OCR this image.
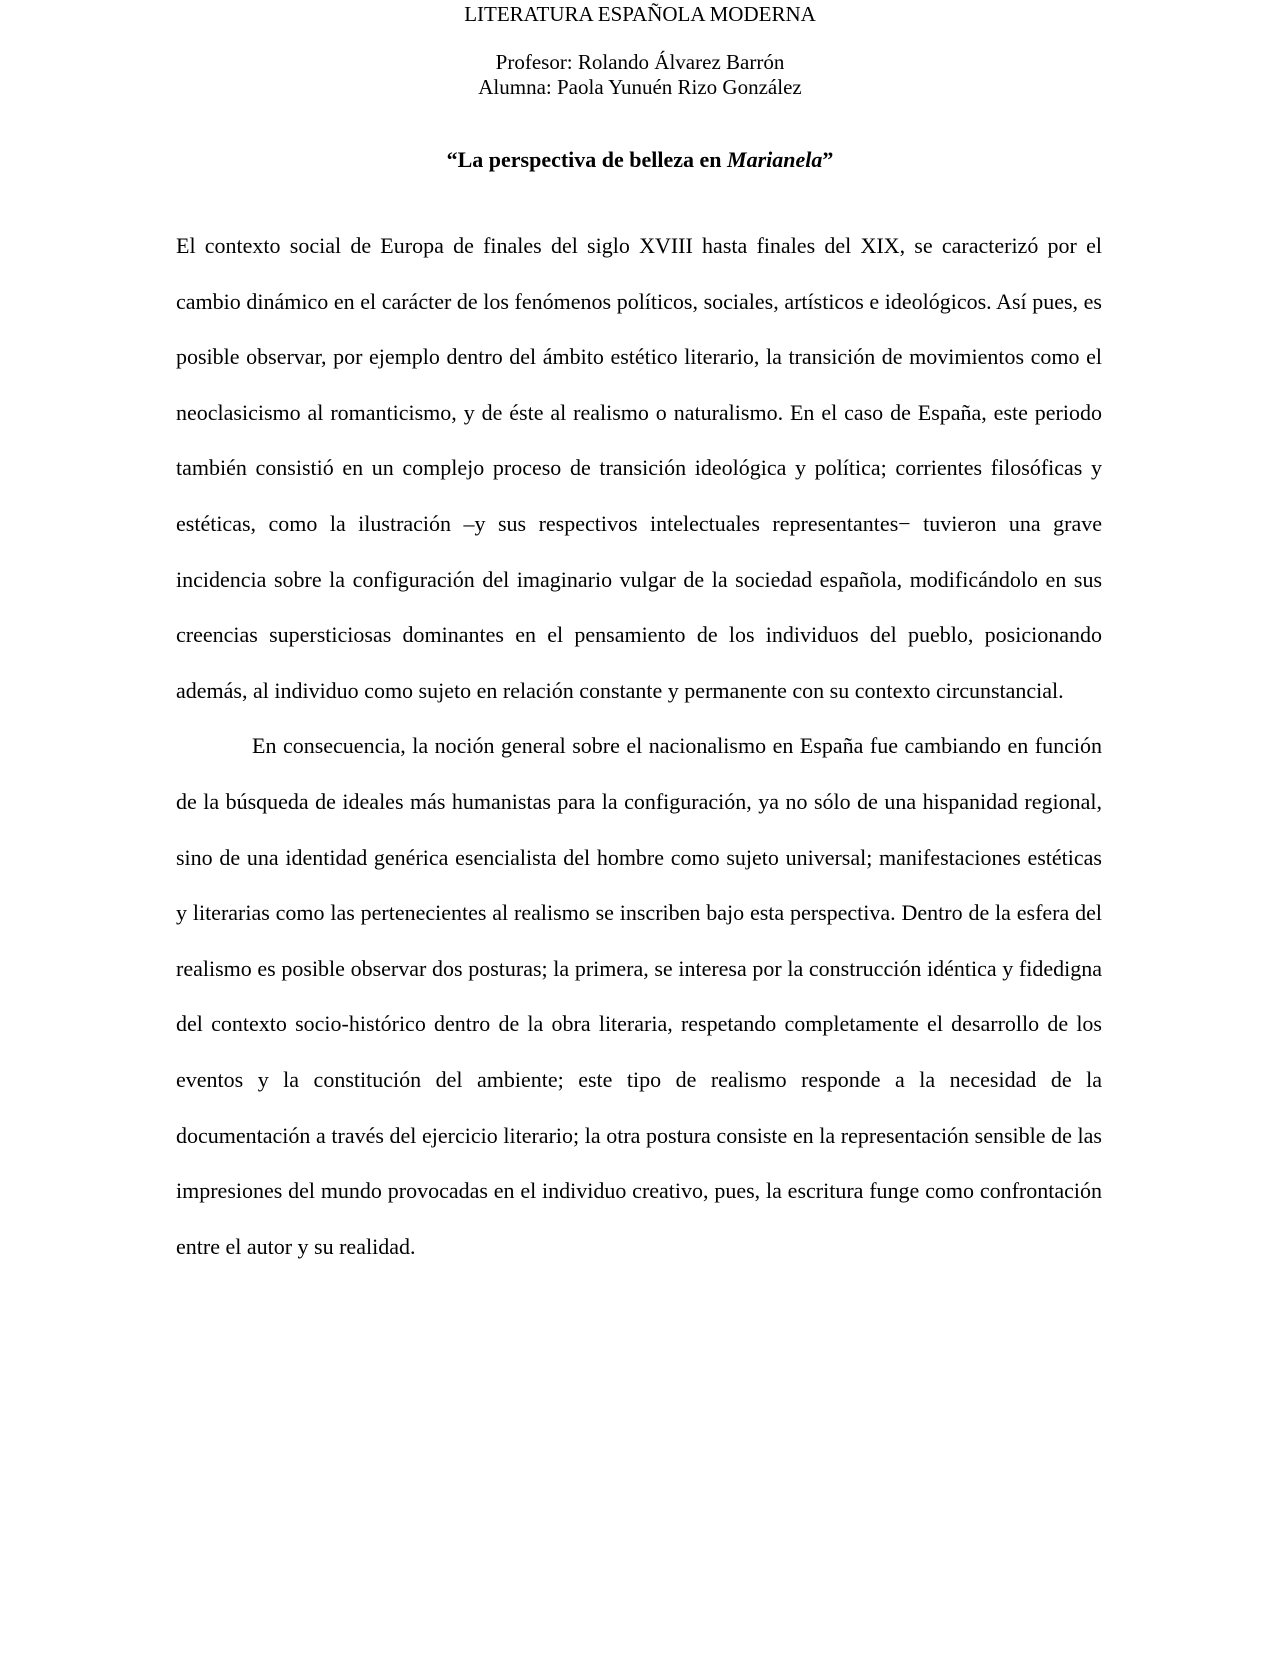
LITERATURA ESPAÑOLA MODERNA
Profesor: Rolando Álvarez Barrón
Alumna: Paola Yunuén Rizo González
“La perspectiva de belleza en Marianela”

El contexto social de Europa de finales del siglo XVIII hasta finales del XIX, se caracterizó por el cambio dinámico en el carácter de los fenómenos políticos, sociales, artísticos e ideológicos. Así pues, es posible observar, por ejemplo dentro del ámbito estético literario, la transición de movimientos como el neoclasicismo al romanticismo, y de éste al realismo o naturalismo. En el caso de España, este periodo también consistió en un complejo proceso de transición ideológica y política; corrientes filosóficas y estéticas, como la ilustración –y sus respectivos intelectuales representantes− tuvieron una grave incidencia sobre la configuración del imaginario vulgar de la sociedad española, modificándolo en sus creencias supersticiosas dominantes en el pensamiento de los individuos del pueblo, posicionando además, al individuo como sujeto en relación constante y permanente con su contexto circunstancial.

En consecuencia, la noción general sobre el nacionalismo en España fue cambiando en función de la búsqueda de ideales más humanistas para la configuración, ya no sólo de una hispanidad regional, sino de una identidad genérica esencialista del hombre como sujeto universal; manifestaciones estéticas y literarias como las pertenecientes al realismo se inscriben bajo esta perspectiva. Dentro de la esfera del realismo es posible observar dos posturas; la primera, se interesa por la construcción idéntica y fidedigna del contexto socio-histórico dentro de la obra literaria, respetando completamente el desarrollo de los eventos y la constitución del ambiente; este tipo de realismo responde a la necesidad de la documentación a través del ejercicio literario; la otra postura consiste en la representación sensible de las impresiones del mundo provocadas en el individuo creativo, pues, la escritura funge como confrontación entre el autor y su realidad.
